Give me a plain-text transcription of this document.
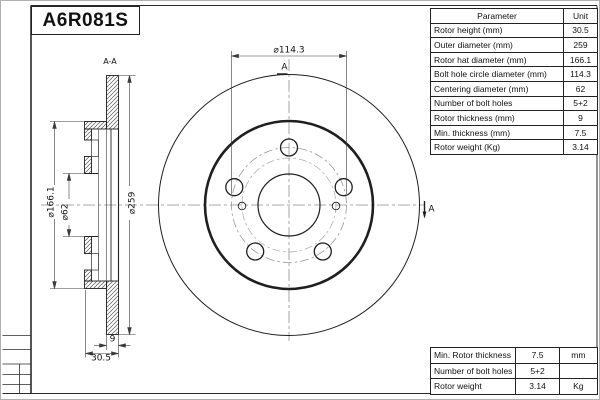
A6R081S
A-A
⌀114.3
⌀166.1 ⌀62	⌀259
9
30.5
A
A
Parameter	Unit
Rotor height (mm)	30.5
Outer diameter (mm)	259
Rotor hat diameter (mm)	166.1
Bolt hole circle diameter (mm)	114.3
Centering diameter (mm)	62
Number of bolt holes	5+2
Rotor thickness (mm)	9
Min. thickness (mm)	7.5
Rotor weight (Kg)	3.14
Min. Rotor thickness	7.5	mm
Number of bolt holes	5+2	
Rotor weight	3.14	Kg
